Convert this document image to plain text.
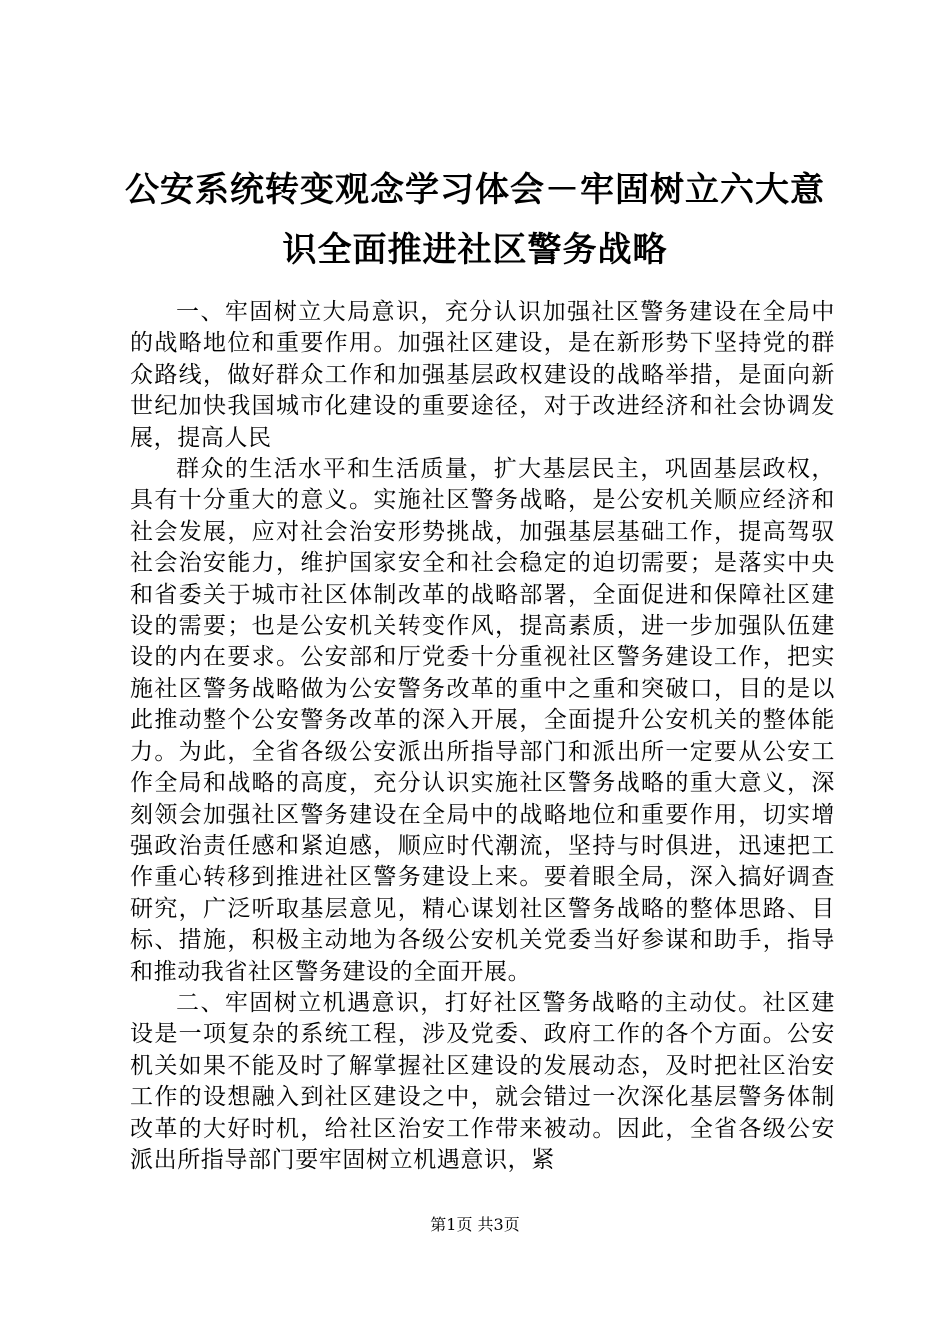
公安系统转变观念学习体会－牢固树立六大意
识全面推进社区警务战略

一、牢固树立大局意识，充分认识加强社区警务建设在全局中的战略地位和重要作用。加强社区建设，是在新形势下坚持党的群众路线，做好群众工作和加强基层政权建设的战略举措，是面向新世纪加快我国城市化建设的重要途径，对于改进经济和社会协调发展，提高人民

群众的生活水平和生活质量，扩大基层民主，巩固基层政权，具有十分重大的意义。实施社区警务战略，是公安机关顺应经济和社会发展，应对社会治安形势挑战，加强基层基础工作，提高驾驭社会治安能力，维护国家安全和社会稳定的迫切需要；是落实中央和省委关于城市社区体制改革的战略部署，全面促进和保障社区建设的需要；也是公安机关转变作风，提高素质，进一步加强队伍建设的内在要求。公安部和厅党委十分重视社区警务建设工作，把实施社区警务战略做为公安警务改革的重中之重和突破口，目的是以此推动整个公安警务改革的深入开展，全面提升公安机关的整体能力。为此，全省各级公安派出所指导部门和派出所一定要从公安工作全局和战略的高度，充分认识实施社区警务战略的重大意义，深刻领会加强社区警务建设在全局中的战略地位和重要作用，切实增强政治责任感和紧迫感，顺应时代潮流，坚持与时俱进，迅速把工作重心转移到推进社区警务建设上来。要着眼全局，深入搞好调查研究，广泛听取基层意见，精心谋划社区警务战略的整体思路、目标、措施，积极主动地为各级公安机关党委当好参谋和助手，指导和推动我省社区警务建设的全面开展。

二、牢固树立机遇意识，打好社区警务战略的主动仗。社区建设是一项复杂的系统工程，涉及党委、政府工作的各个方面。公安机关如果不能及时了解掌握社区建设的发展动态，及时把社区治安工作的设想融入到社区建设之中，就会错过一次深化基层警务体制改革的大好时机，给社区治安工作带来被动。因此，全省各级公安派出所指导部门要牢固树立机遇意识，紧

第1页 共3页
